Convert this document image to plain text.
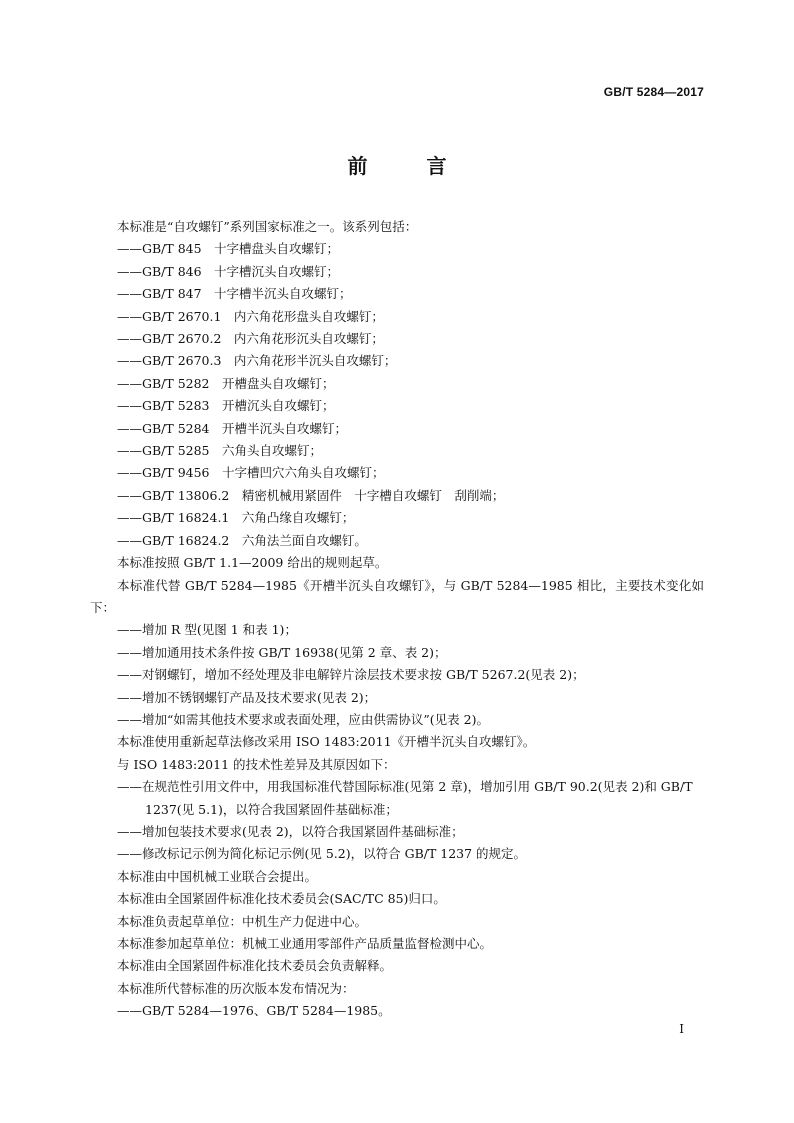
GB/T 5284—2017
前 言

本标准是“自攻螺钉”系列国家标准之一。该系列包括：

——GB/T 845　十字槽盘头自攻螺钉；

——GB/T 846　十字槽沉头自攻螺钉；

——GB/T 847　十字槽半沉头自攻螺钉；

——GB/T 2670.1　内六角花形盘头自攻螺钉；

——GB/T 2670.2　内六角花形沉头自攻螺钉；

——GB/T 2670.3　内六角花形半沉头自攻螺钉；

——GB/T 5282　开槽盘头自攻螺钉；

——GB/T 5283　开槽沉头自攻螺钉；

——GB/T 5284　开槽半沉头自攻螺钉；

——GB/T 5285　六角头自攻螺钉；

——GB/T 9456　十字槽凹穴六角头自攻螺钉；

——GB/T 13806.2　精密机械用紧固件　十字槽自攻螺钉　刮削端；

——GB/T 16824.1　六角凸缘自攻螺钉；

——GB/T 16824.2　六角法兰面自攻螺钉。

本标准按照 GB/T 1.1—2009 给出的规则起草。

本标准代替 GB/T 5284—1985《开槽半沉头自攻螺钉》，与 GB/T 5284—1985 相比，主要技术变化如下：

——增加 R 型(见图 1 和表 1)；

——增加通用技术条件按 GB/T 16938(见第 2 章、表 2)；

——对钢螺钉，增加不经处理及非电解锌片涂层技术要求按 GB/T 5267.2(见表 2)；

——增加不锈钢螺钉产品及技术要求(见表 2)；

——增加“如需其他技术要求或表面处理，应由供需协议”(见表 2)。

本标准使用重新起草法修改采用 ISO 1483:2011《开槽半沉头自攻螺钉》。

与 ISO 1483:2011 的技术性差异及其原因如下：

——在规范性引用文件中，用我国标准代替国际标准(见第 2 章)，增加引用 GB/T 90.2(见表 2)和 GB/T 1237(见 5.1)，以符合我国紧固件基础标准；

——增加包装技术要求(见表 2)，以符合我国紧固件基础标准；

——修改标记示例为简化标记示例(见 5.2)，以符合 GB/T 1237 的规定。

本标准由中国机械工业联合会提出。

本标准由全国紧固件标准化技术委员会(SAC/TC 85)归口。

本标准负责起草单位：中机生产力促进中心。

本标准参加起草单位：机械工业通用零部件产品质量监督检测中心。

本标准由全国紧固件标准化技术委员会负责解释。

本标准所代替标准的历次版本发布情况为：

——GB/T 5284—1976、GB/T 5284—1985。

I
